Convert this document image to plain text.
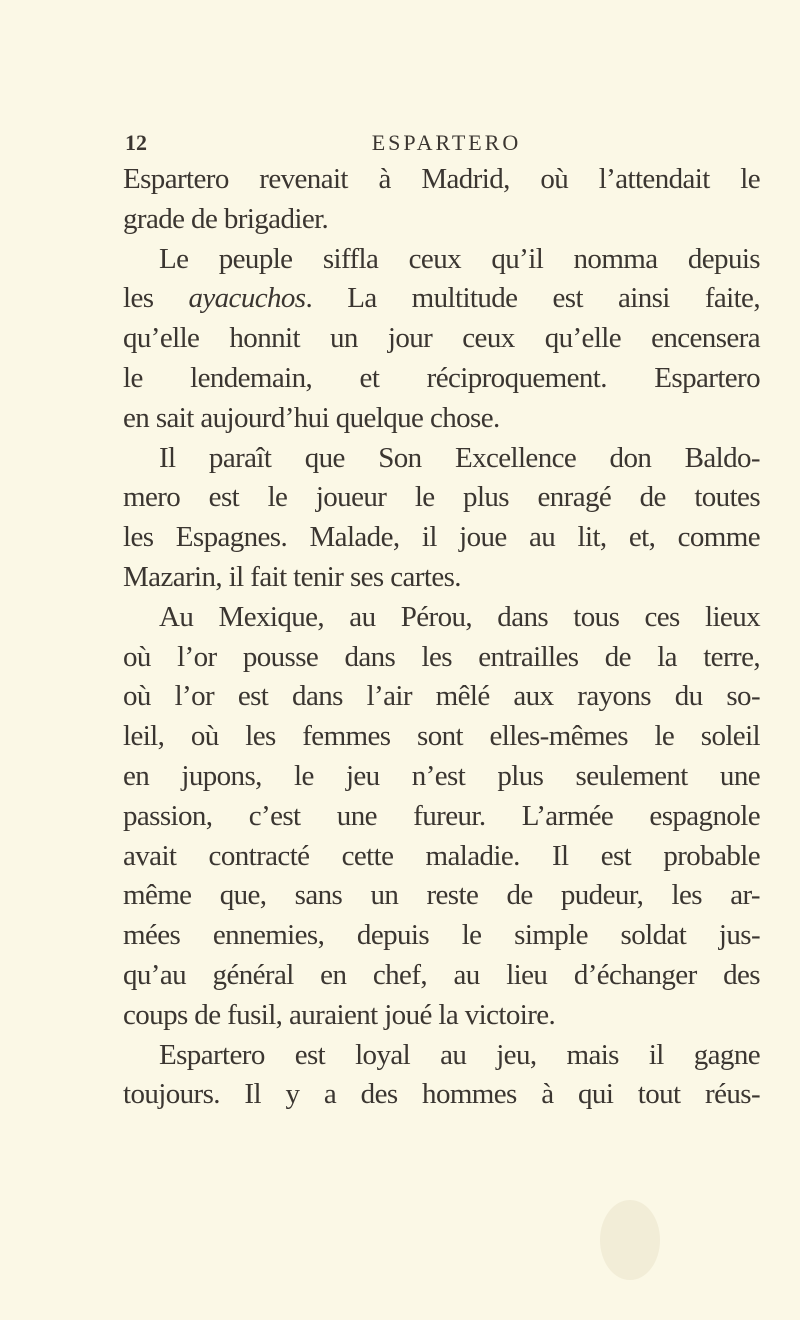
12	ESPARTERO
Espartero revenait à Madrid, où l’attendait le
grade de brigadier.
Le peuple siffla ceux qu’il nomma depuis
les ayacuchos. La multitude est ainsi faite,
qu’elle honnit un jour ceux qu’elle encensera
le lendemain, et réciproquement. Espartero
en sait aujourd’hui quelque chose.
Il paraît que Son Excellence don Baldo-
mero est le joueur le plus enragé de toutes
les Espagnes. Malade, il joue au lit, et, comme
Mazarin, il fait tenir ses cartes.
Au Mexique, au Pérou, dans tous ces lieux
où l’or pousse dans les entrailles de la terre,
où l’or est dans l’air mêlé aux rayons du so-
leil, où les femmes sont elles-mêmes le soleil
en jupons, le jeu n’est plus seulement une
passion, c’est une fureur. L’armée espagnole
avait contracté cette maladie. Il est probable
même que, sans un reste de pudeur, les ar-
mées ennemies, depuis le simple soldat jus-
qu’au général en chef, au lieu d’échanger des
coups de fusil, auraient joué la victoire.
Espartero est loyal au jeu, mais il gagne
toujours. Il y a des hommes à qui tout réus-
